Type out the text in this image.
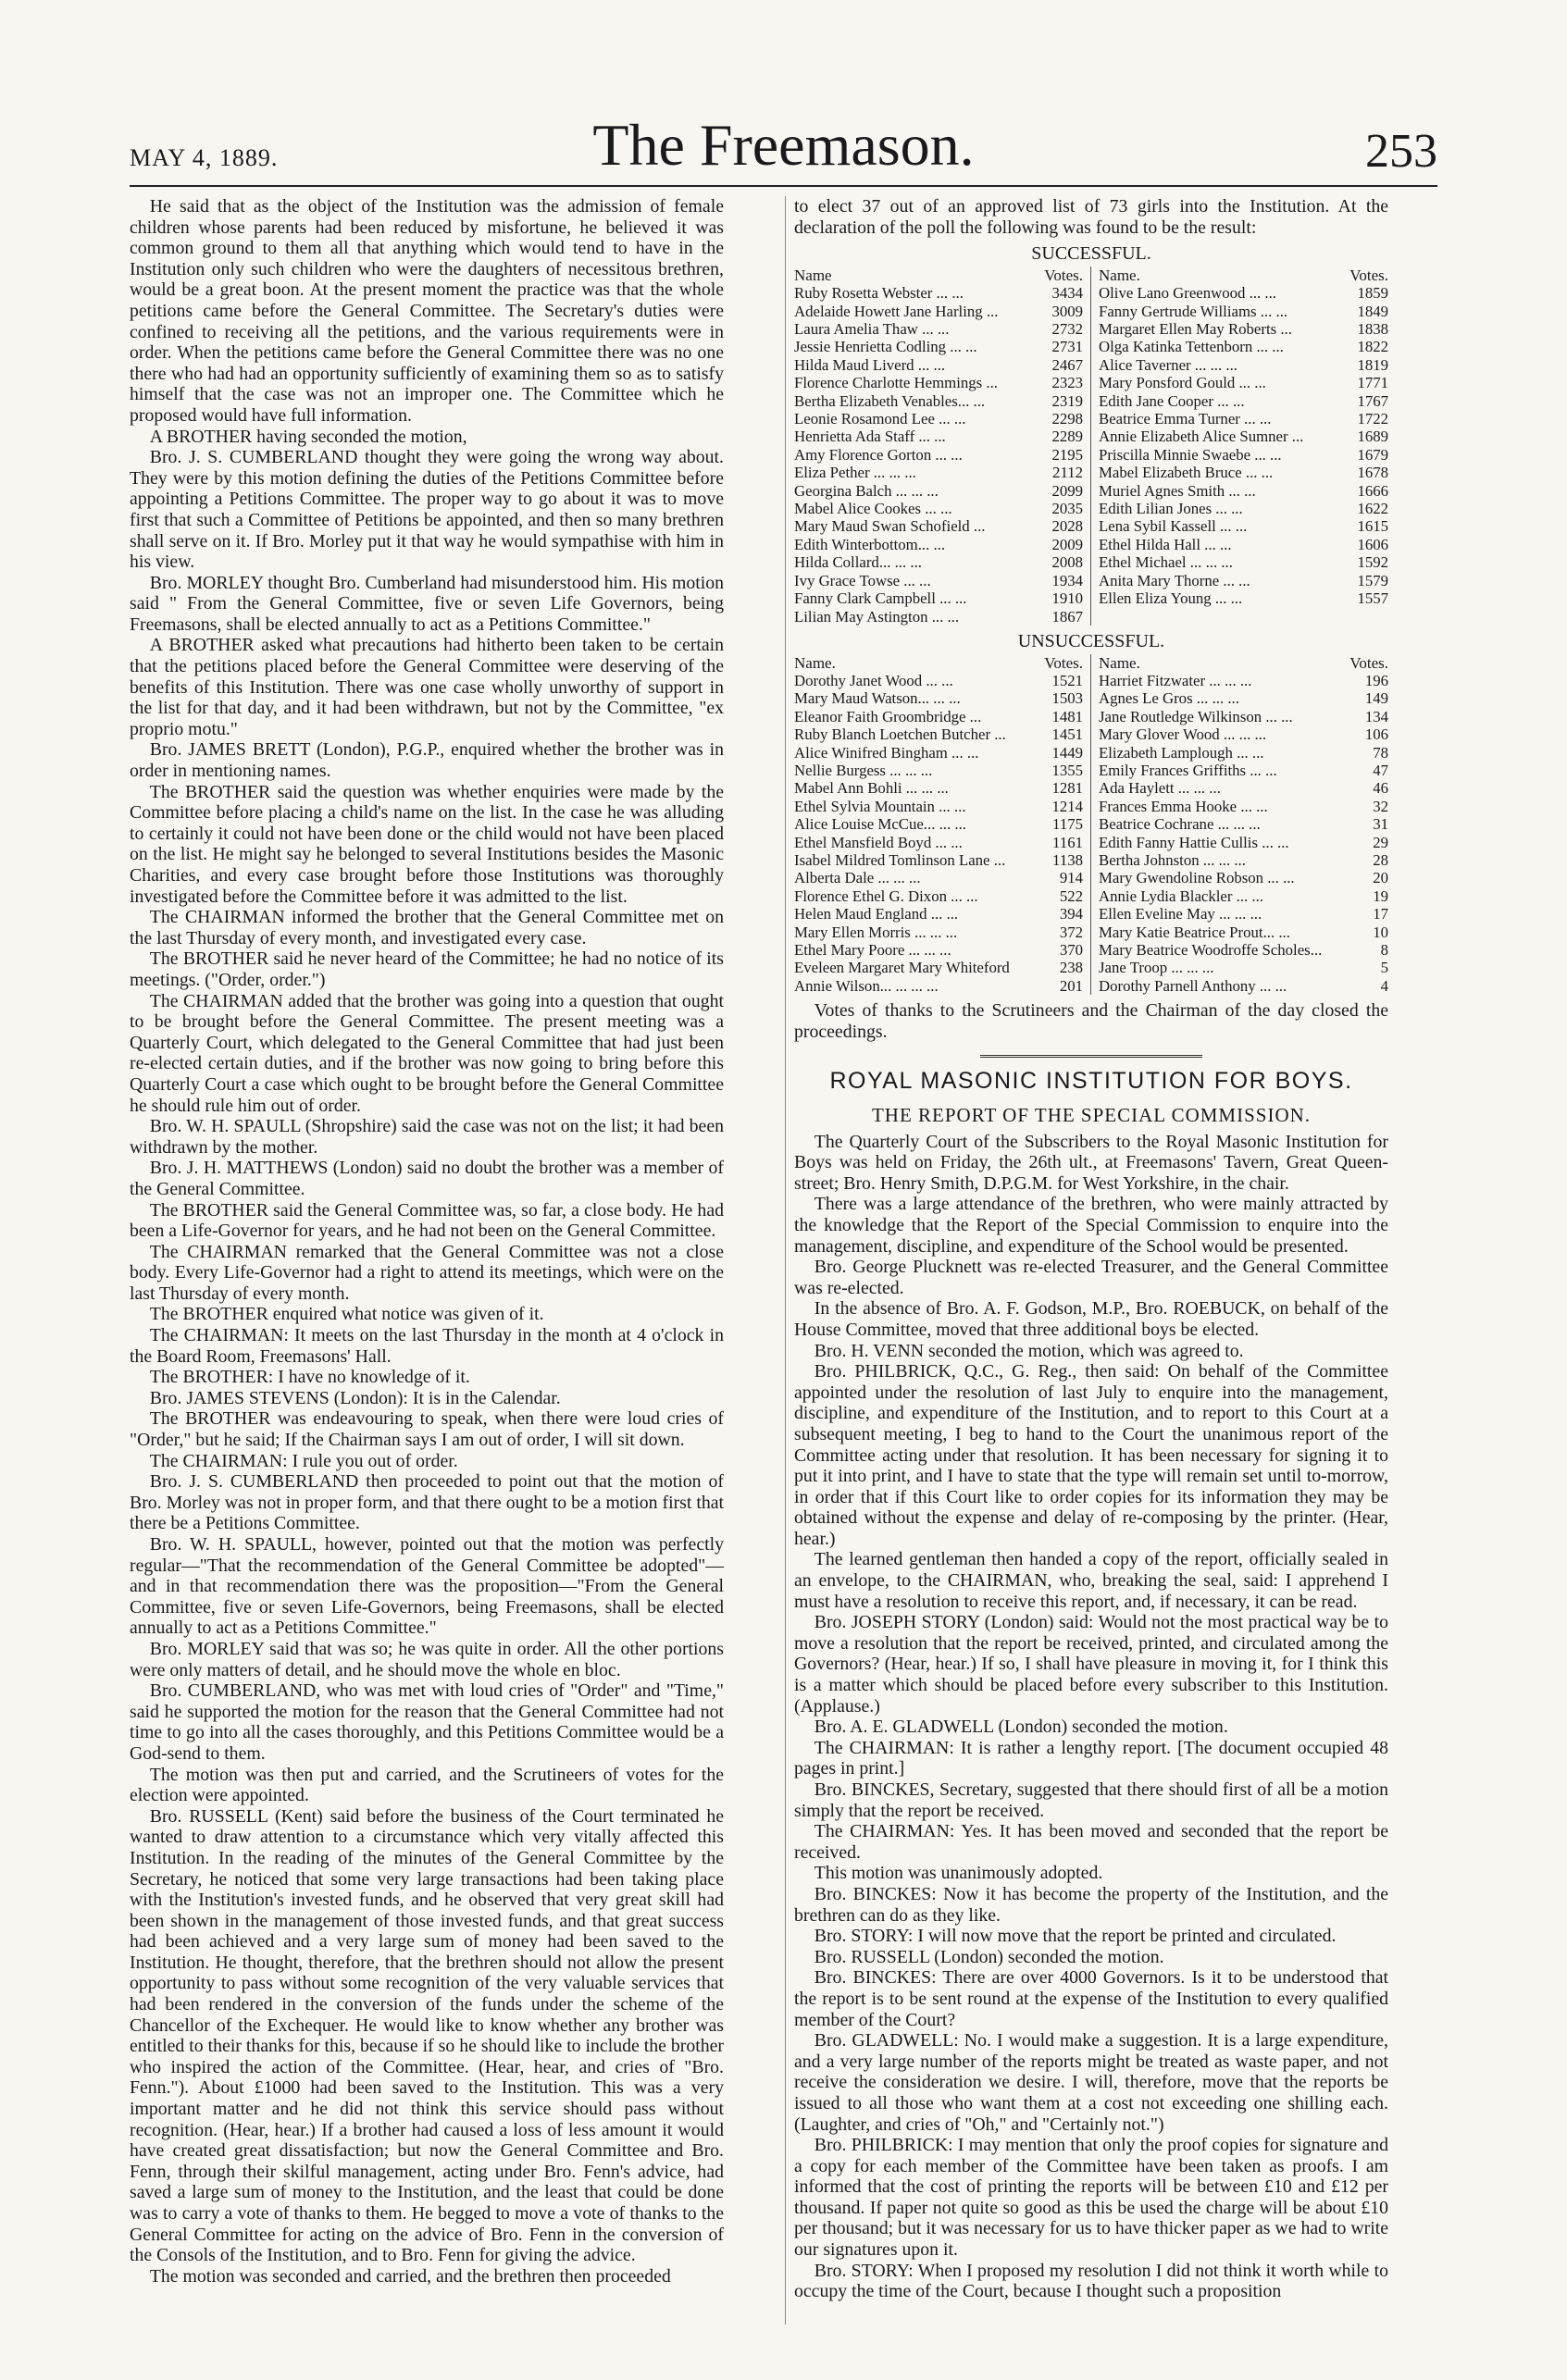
MAY 4, 1889.	The Freemason.	253

He said that as the object of the Institution was the admission of female children whose parents had been reduced by misfortune, he believed it was common ground to them all that anything which would tend to have in the Institution only such children who were the daughters of necessitous brethren, would be a great boon. At the present moment the practice was that the whole petitions came before the General Committee. The Secretary's duties were confined to receiving all the petitions, and the various requirements were in order. When the petitions came before the General Committee there was no one there who had had an opportunity sufficiently of examining them so as to satisfy himself that the case was not an improper one. The Committee which he proposed would have full information.

A BROTHER having seconded the motion,

Bro. J. S. CUMBERLAND thought they were going the wrong way about. They were by this motion defining the duties of the Petitions Committee before appointing a Petitions Committee. The proper way to go about it was to move first that such a Committee of Petitions be appointed, and then so many brethren shall serve on it. If Bro. Morley put it that way he would sympathise with him in his view.

Bro. MORLEY thought Bro. Cumberland had misunderstood him. His motion said " From the General Committee, five or seven Life Governors, being Freemasons, shall be elected annually to act as a Petitions Committee."

A BROTHER asked what precautions had hitherto been taken to be certain that the petitions placed before the General Committee were deserving of the benefits of this Institution. There was one case wholly unworthy of support in the list for that day, and it had been withdrawn, but not by the Committee, "ex proprio motu."

Bro. JAMES BRETT (London), P.G.P., enquired whether the brother was in order in mentioning names.

The BROTHER said the question was whether enquiries were made by the Committee before placing a child's name on the list. In the case he was alluding to certainly it could not have been done or the child would not have been placed on the list. He might say he belonged to several Institutions besides the Masonic Charities, and every case brought before those Institutions was thoroughly investigated before the Committee before it was admitted to the list.

The CHAIRMAN informed the brother that the General Committee met on the last Thursday of every month, and investigated every case.

The BROTHER said he never heard of the Committee; he had no notice of its meetings. ("Order, order.")

The CHAIRMAN added that the brother was going into a question that ought to be brought before the General Committee. The present meeting was a Quarterly Court, which delegated to the General Committee that had just been re-elected certain duties, and if the brother was now going to bring before this Quarterly Court a case which ought to be brought before the General Committee he should rule him out of order.

Bro. W. H. SPAULL (Shropshire) said the case was not on the list; it had been withdrawn by the mother.

Bro. J. H. MATTHEWS (London) said no doubt the brother was a member of the General Committee.

The BROTHER said the General Committee was, so far, a close body. He had been a Life-Governor for years, and he had not been on the General Committee.

The CHAIRMAN remarked that the General Committee was not a close body. Every Life-Governor had a right to attend its meetings, which were on the last Thursday of every month.

The BROTHER enquired what notice was given of it.

The CHAIRMAN: It meets on the last Thursday in the month at 4 o'clock in the Board Room, Freemasons' Hall.

The BROTHER: I have no knowledge of it.

Bro. JAMES STEVENS (London): It is in the Calendar.

The BROTHER was endeavouring to speak, when there were loud cries of "Order," but he said; If the Chairman says I am out of order, I will sit down.

The CHAIRMAN: I rule you out of order.

Bro. J. S. CUMBERLAND then proceeded to point out that the motion of Bro. Morley was not in proper form, and that there ought to be a motion first that there be a Petitions Committee.

Bro. W. H. SPAULL, however, pointed out that the motion was perfectly regular—"That the recommendation of the General Committee be adopted"—and in that recommendation there was the proposition—"From the General Committee, five or seven Life-Governors, being Freemasons, shall be elected annually to act as a Petitions Committee."

Bro. MORLEY said that was so; he was quite in order. All the other portions were only matters of detail, and he should move the whole en bloc.

Bro. CUMBERLAND, who was met with loud cries of "Order" and "Time," said he supported the motion for the reason that the General Committee had not time to go into all the cases thoroughly, and this Petitions Committee would be a God-send to them.

The motion was then put and carried, and the Scrutineers of votes for the election were appointed.

Bro. RUSSELL (Kent) said before the business of the Court terminated he wanted to draw attention to a circumstance which very vitally affected this Institution. In the reading of the minutes of the General Committee by the Secretary, he noticed that some very large transactions had been taking place with the Institution's invested funds, and he observed that very great skill had been shown in the management of those invested funds, and that great success had been achieved and a very large sum of money had been saved to the Institution. He thought, therefore, that the brethren should not allow the present opportunity to pass without some recognition of the very valuable services that had been rendered in the conversion of the funds under the scheme of the Chancellor of the Exchequer. He would like to know whether any brother was entitled to their thanks for this, because if so he should like to include the brother who inspired the action of the Committee. (Hear, hear, and cries of "Bro. Fenn."). About £1000 had been saved to the Institution. This was a very important matter and he did not think this service should pass without recognition. (Hear, hear.) If a brother had caused a loss of less amount it would have created great dissatisfaction; but now the General Committee and Bro. Fenn, through their skilful management, acting under Bro. Fenn's advice, had saved a large sum of money to the Institution, and the least that could be done was to carry a vote of thanks to them. He begged to move a vote of thanks to the General Committee for acting on the advice of Bro. Fenn in the conversion of the Consols of the Institution, and to Bro. Fenn for giving the advice.

The motion was seconded and carried, and the brethren then proceeded

to elect 37 out of an approved list of 73 girls into the Institution. At the declaration of the poll the following was found to be the result:

SUCCESSFUL.
Name	Votes.
Ruby Rosetta Webster ... ...	3434
Adelaide Howett Jane Harling ...	3009
Laura Amelia Thaw ... ...	2732
Jessie Henrietta Codling ... ...	2731
Hilda Maud Liverd ... ...	2467
Florence Charlotte Hemmings ...	2323
Bertha Elizabeth Venables... ...	2319
Leonie Rosamond Lee ... ...	2298
Henrietta Ada Staff ... ...	2289
Amy Florence Gorton ... ...	2195
Eliza Pether ... ... ...	2112
Georgina Balch ... ... ...	2099
Mabel Alice Cookes ... ...	2035
Mary Maud Swan Schofield ...	2028
Edith Winterbottom... ...	2009
Hilda Collard... ... ...	2008
Ivy Grace Towse ... ...	1934
Fanny Clark Campbell ... ...	1910
Lilian May Astington ... ...	1867
Name.	Votes.
Olive Lano Greenwood ... ...	1859
Fanny Gertrude Williams ... ...	1849
Margaret Ellen May Roberts ...	1838
Olga Katinka Tettenborn ... ...	1822
Alice Taverner ... ... ...	1819
Mary Ponsford Gould ... ...	1771
Edith Jane Cooper ... ...	1767
Beatrice Emma Turner ... ...	1722
Annie Elizabeth Alice Sumner ...	1689
Priscilla Minnie Swaebe ... ...	1679
Mabel Elizabeth Bruce ... ...	1678
Muriel Agnes Smith ... ...	1666
Edith Lilian Jones ... ...	1622
Lena Sybil Kassell ... ...	1615
Ethel Hilda Hall ... ...	1606
Ethel Michael ... ... ...	1592
Anita Mary Thorne ... ...	1579
Ellen Eliza Young ... ...	1557
UNSUCCESSFUL.
Name.	Votes.
Dorothy Janet Wood ... ...	1521
Mary Maud Watson... ... ...	1503
Eleanor Faith Groombridge ...	1481
Ruby Blanch Loetchen Butcher ...	1451
Alice Winifred Bingham ... ...	1449
Nellie Burgess ... ... ...	1355
Mabel Ann Bohli ... ... ...	1281
Ethel Sylvia Mountain ... ...	1214
Alice Louise McCue... ... ...	1175
Ethel Mansfield Boyd ... ...	1161
Isabel Mildred Tomlinson Lane ...	1138
Alberta Dale ... ... ...	914
Florence Ethel G. Dixon ... ...	522
Helen Maud England ... ...	394
Mary Ellen Morris ... ... ...	372
Ethel Mary Poore ... ... ...	370
Eveleen Margaret Mary Whiteford	238
Annie Wilson... ... ... ...	201
Name.	Votes.
Harriet Fitzwater ... ... ...	196
Agnes Le Gros ... ... ...	149
Jane Routledge Wilkinson ... ...	134
Mary Glover Wood ... ... ...	106
Elizabeth Lamplough ... ...	78
Emily Frances Griffiths ... ...	47
Ada Haylett ... ... ...	46
Frances Emma Hooke ... ...	32
Beatrice Cochrane ... ... ...	31
Edith Fanny Hattie Cullis ... ...	29
Bertha Johnston ... ... ...	28
Mary Gwendoline Robson ... ...	20
Annie Lydia Blackler ... ...	19
Ellen Eveline May ... ... ...	17
Mary Katie Beatrice Prout... ...	10
Mary Beatrice Woodroffe Scholes...	8
Jane Troop ... ... ...	5
Dorothy Parnell Anthony ... ...	4

Votes of thanks to the Scrutineers and the Chairman of the day closed the proceedings.

ROYAL MASONIC INSTITUTION FOR BOYS.
THE REPORT OF THE SPECIAL COMMISSION.

The Quarterly Court of the Subscribers to the Royal Masonic Institution for Boys was held on Friday, the 26th ult., at Freemasons' Tavern, Great Queen-street; Bro. Henry Smith, D.P.G.M. for West Yorkshire, in the chair.

There was a large attendance of the brethren, who were mainly attracted by the knowledge that the Report of the Special Commission to enquire into the management, discipline, and expenditure of the School would be presented.

Bro. George Plucknett was re-elected Treasurer, and the General Committee was re-elected.

In the absence of Bro. A. F. Godson, M.P., Bro. ROEBUCK, on behalf of the House Committee, moved that three additional boys be elected.

Bro. H. VENN seconded the motion, which was agreed to.

Bro. PHILBRICK, Q.C., G. Reg., then said: On behalf of the Committee appointed under the resolution of last July to enquire into the management, discipline, and expenditure of the Institution, and to report to this Court at a subsequent meeting, I beg to hand to the Court the unanimous report of the Committee acting under that resolution. It has been necessary for signing it to put it into print, and I have to state that the type will remain set until to-morrow, in order that if this Court like to order copies for its information they may be obtained without the expense and delay of re-composing by the printer. (Hear, hear.)

The learned gentleman then handed a copy of the report, officially sealed in an envelope, to the CHAIRMAN, who, breaking the seal, said: I apprehend I must have a resolution to receive this report, and, if necessary, it can be read.

Bro. JOSEPH STORY (London) said: Would not the most practical way be to move a resolution that the report be received, printed, and circulated among the Governors? (Hear, hear.) If so, I shall have pleasure in moving it, for I think this is a matter which should be placed before every subscriber to this Institution. (Applause.)

Bro. A. E. GLADWELL (London) seconded the motion.

The CHAIRMAN: It is rather a lengthy report. [The document occupied 48 pages in print.]

Bro. BINCKES, Secretary, suggested that there should first of all be a motion simply that the report be received.

The CHAIRMAN: Yes. It has been moved and seconded that the report be received.

This motion was unanimously adopted.

Bro. BINCKES: Now it has become the property of the Institution, and the brethren can do as they like.

Bro. STORY: I will now move that the report be printed and circulated.

Bro. RUSSELL (London) seconded the motion.

Bro. BINCKES: There are over 4000 Governors. Is it to be understood that the report is to be sent round at the expense of the Institution to every qualified member of the Court?

Bro. GLADWELL: No. I would make a suggestion. It is a large expenditure, and a very large number of the reports might be treated as waste paper, and not receive the consideration we desire. I will, therefore, move that the reports be issued to all those who want them at a cost not exceeding one shilling each. (Laughter, and cries of "Oh," and "Certainly not.")

Bro. PHILBRICK: I may mention that only the proof copies for signature and a copy for each member of the Committee have been taken as proofs. I am informed that the cost of printing the reports will be between £10 and £12 per thousand. If paper not quite so good as this be used the charge will be about £10 per thousand; but it was necessary for us to have thicker paper as we had to write our signatures upon it.

Bro. STORY: When I proposed my resolution I did not think it worth while to occupy the time of the Court, because I thought such a proposition
